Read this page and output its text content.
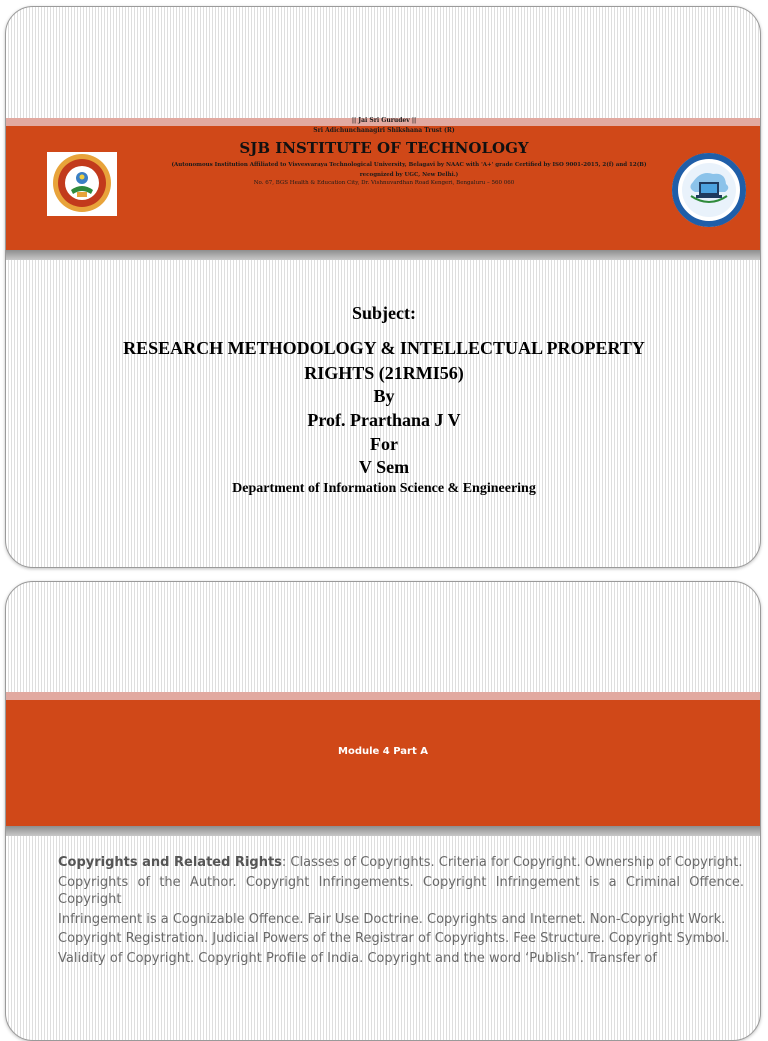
|| Jai Sri Gurudev ||
Sri Adichunchanagiri Shikshana Trust (R)
SJB INSTITUTE OF TECHNOLOGY
(Autonomous Institution Affiliated to Visvesvaraya Technological University, Belagavi by NAAC with 'A+' grade Certified by ISO 9001-2015, 2(f) and 12(B) recognized by UGC, New Delhi.)
No. 67, BGS Health & Education City, Dr. Vishnuvardhan Road Kengeri, Bengaluru – 560 060
Subject:
RESEARCH METHODOLOGY & INTELLECTUAL PROPERTY RIGHTS (21RMI56)
By
Prof. Prarthana J V
For
V Sem
Department of Information Science & Engineering
Module 4 Part A

Copyrights and Related Rights: Classes of Copyrights. Criteria for Copyright. Ownership of Copyright.

Copyrights of the Author. Copyright Infringements. Copyright Infringement is a Criminal Offence. Copyright

Infringement is a Cognizable Offence. Fair Use Doctrine. Copyrights and Internet. Non-Copyright Work.

Copyright Registration. Judicial Powers of the Registrar of Copyrights. Fee Structure. Copyright Symbol.

Validity of Copyright. Copyright Profile of India. Copyright and the word ‘Publish’. Transfer of
